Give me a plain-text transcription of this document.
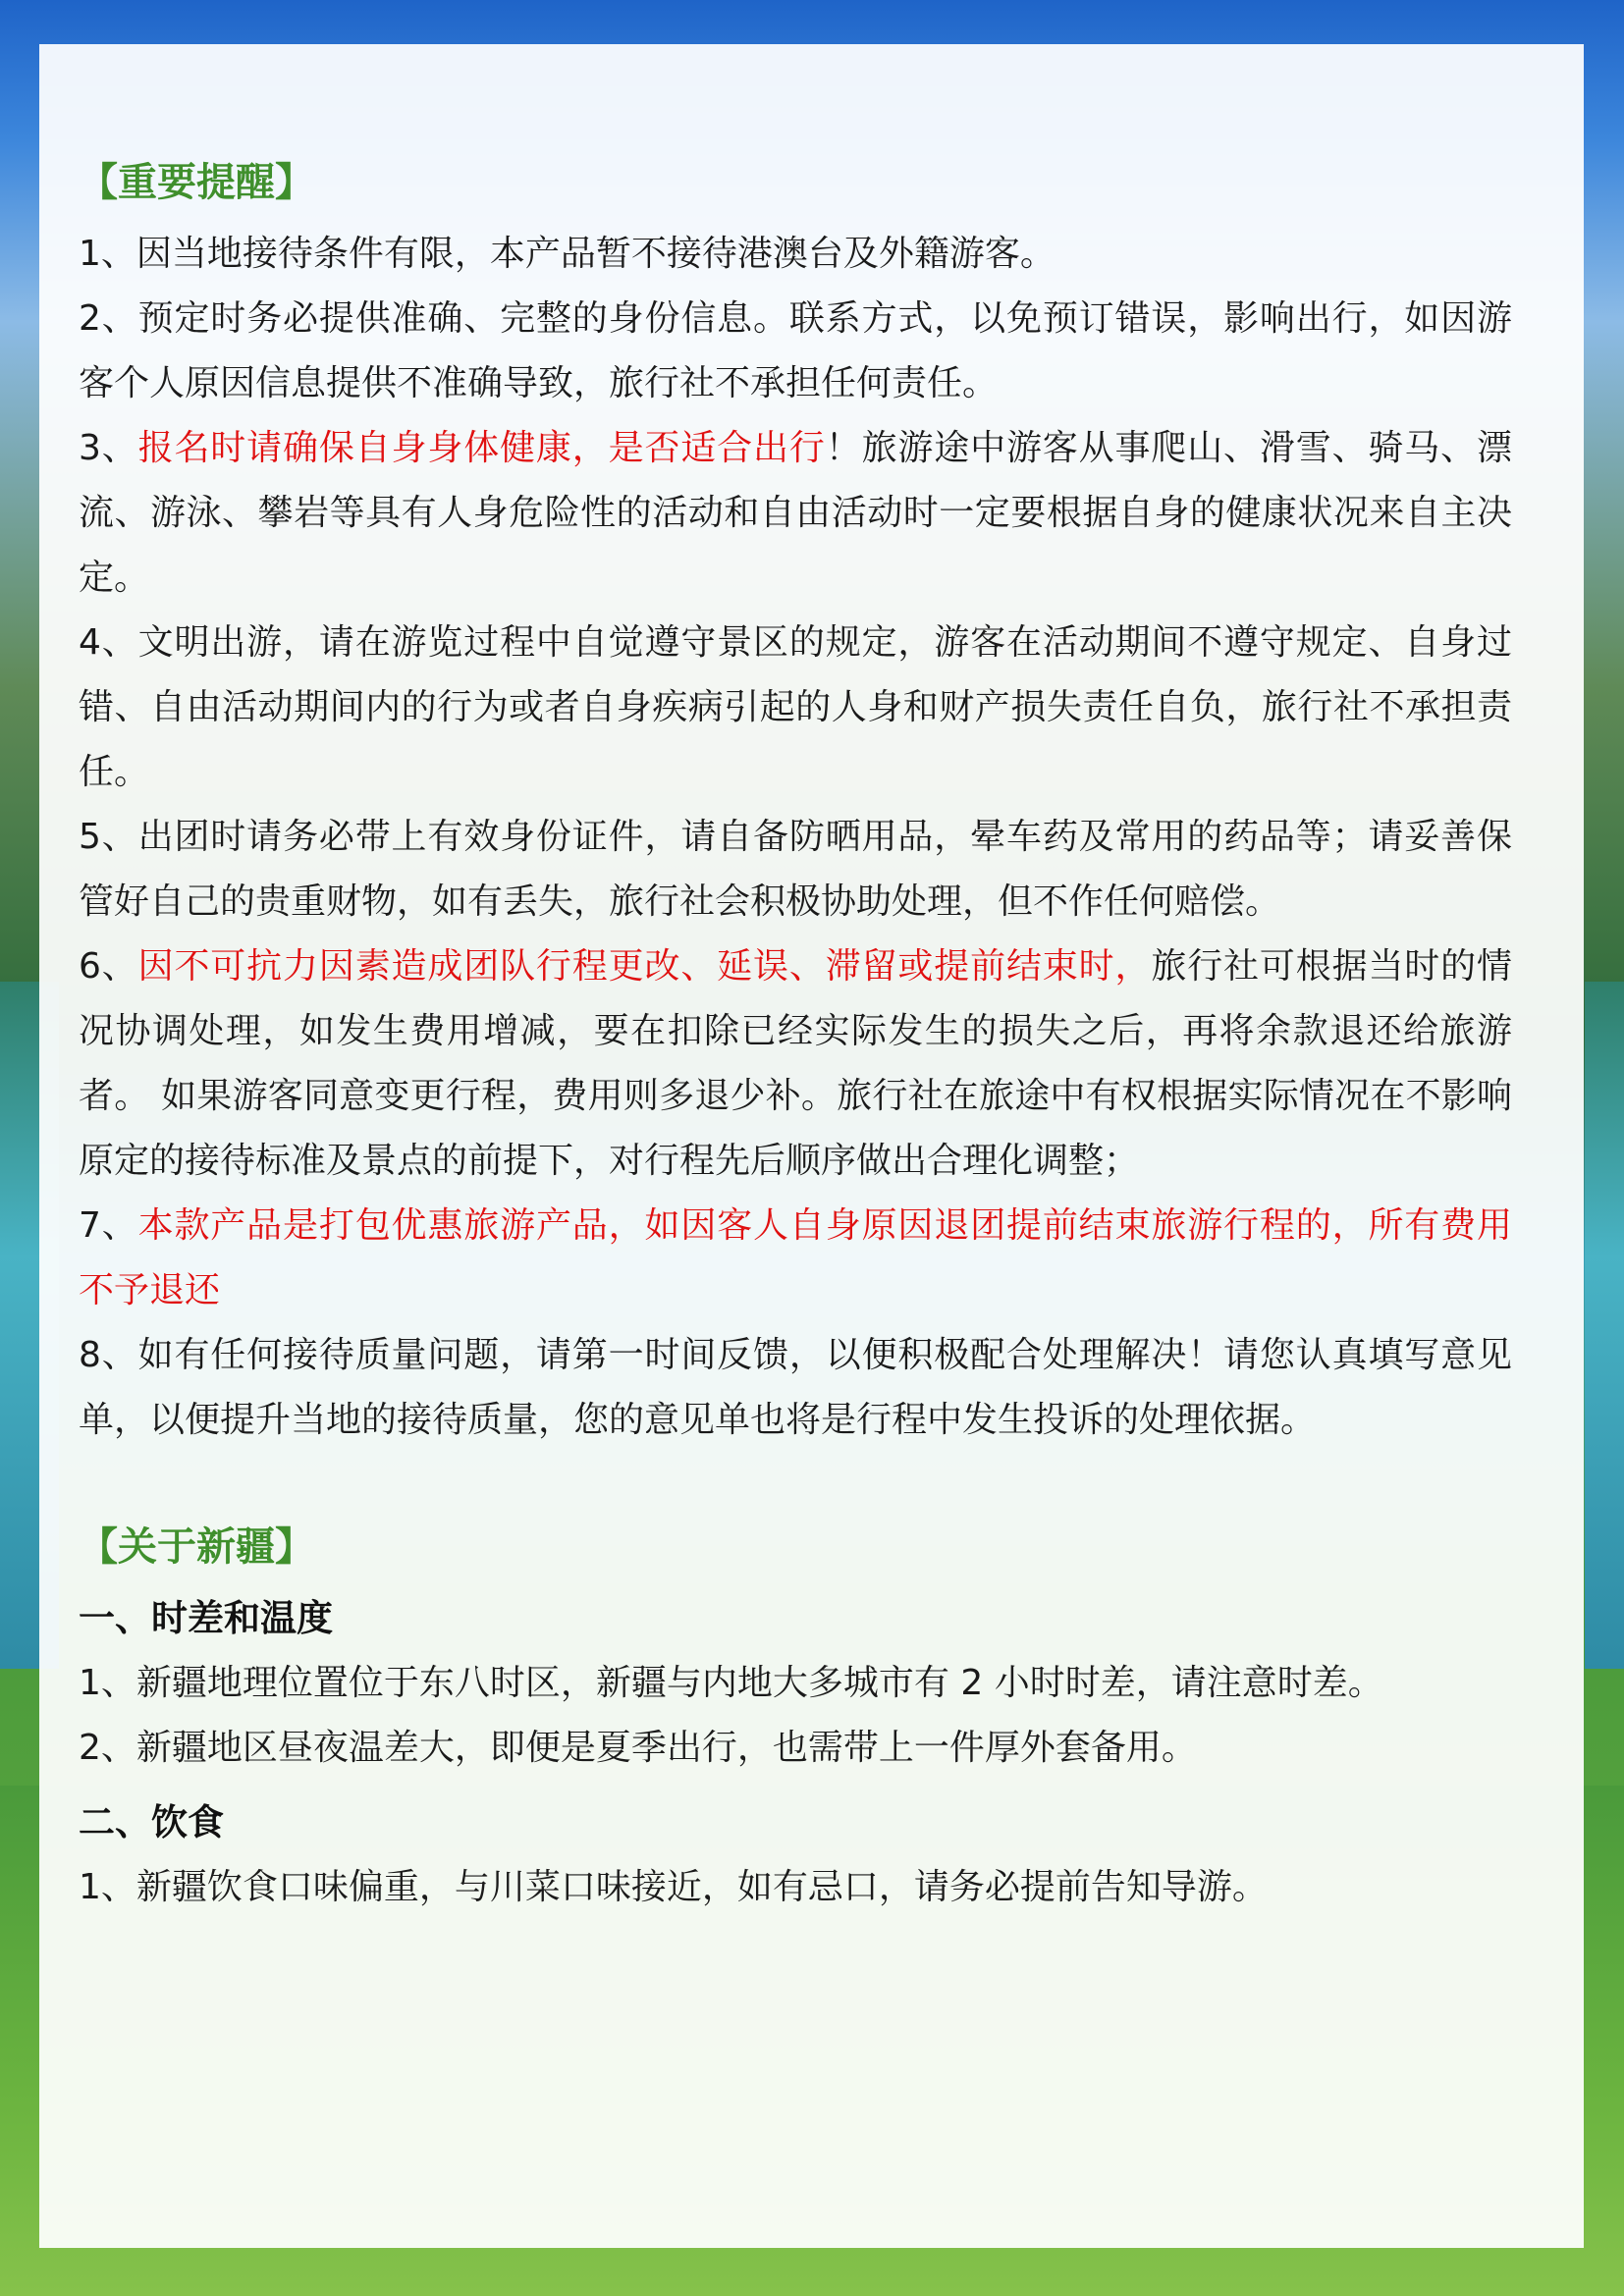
【重要提醒】

1、因当地接待条件有限，本产品暂不接待港澳台及外籍游客。

2、预定时务必提供准确、完整的身份信息。联系方式，以免预订错误，影响出行，如因游客个人原因信息提供不准确导致，旅行社不承担任何责任。

3、报名时请确保自身身体健康，是否适合出行！旅游途中游客从事爬山、滑雪、骑马、漂流、游泳、攀岩等具有人身危险性的活动和自由活动时一定要根据自身的健康状况来自主决定。

4、文明出游，请在游览过程中自觉遵守景区的规定，游客在活动期间不遵守规定、自身过错、自由活动期间内的行为或者自身疾病引起的人身和财产损失责任自负，旅行社不承担责任。

5、出团时请务必带上有效身份证件，请自备防晒用品，晕车药及常用的药品等；请妥善保管好自己的贵重财物，如有丢失，旅行社会积极协助处理，但不作任何赔偿。

6、因不可抗力因素造成团队行程更改、延误、滞留或提前结束时，旅行社可根据当时的情况协调处理，如发生费用增减，要在扣除已经实际发生的损失之后，再将余款退还给旅游者。 如果游客同意变更行程，费用则多退少补。旅行社在旅途中有权根据实际情况在不影响原定的接待标准及景点的前提下，对行程先后顺序做出合理化调整；

7、本款产品是打包优惠旅游产品，如因客人自身原因退团提前结束旅游行程的，所有费用不予退还

8、如有任何接待质量问题，请第一时间反馈，以便积极配合处理解决！请您认真填写意见单，以便提升当地的接待质量，您的意见单也将是行程中发生投诉的处理依据。

【关于新疆】

一、时差和温度

1、新疆地理位置位于东八时区，新疆与内地大多城市有 2 小时时差，请注意时差。

2、新疆地区昼夜温差大，即便是夏季出行，也需带上一件厚外套备用。

二、饮食

1、新疆饮食口味偏重，与川菜口味接近，如有忌口，请务必提前告知导游。
